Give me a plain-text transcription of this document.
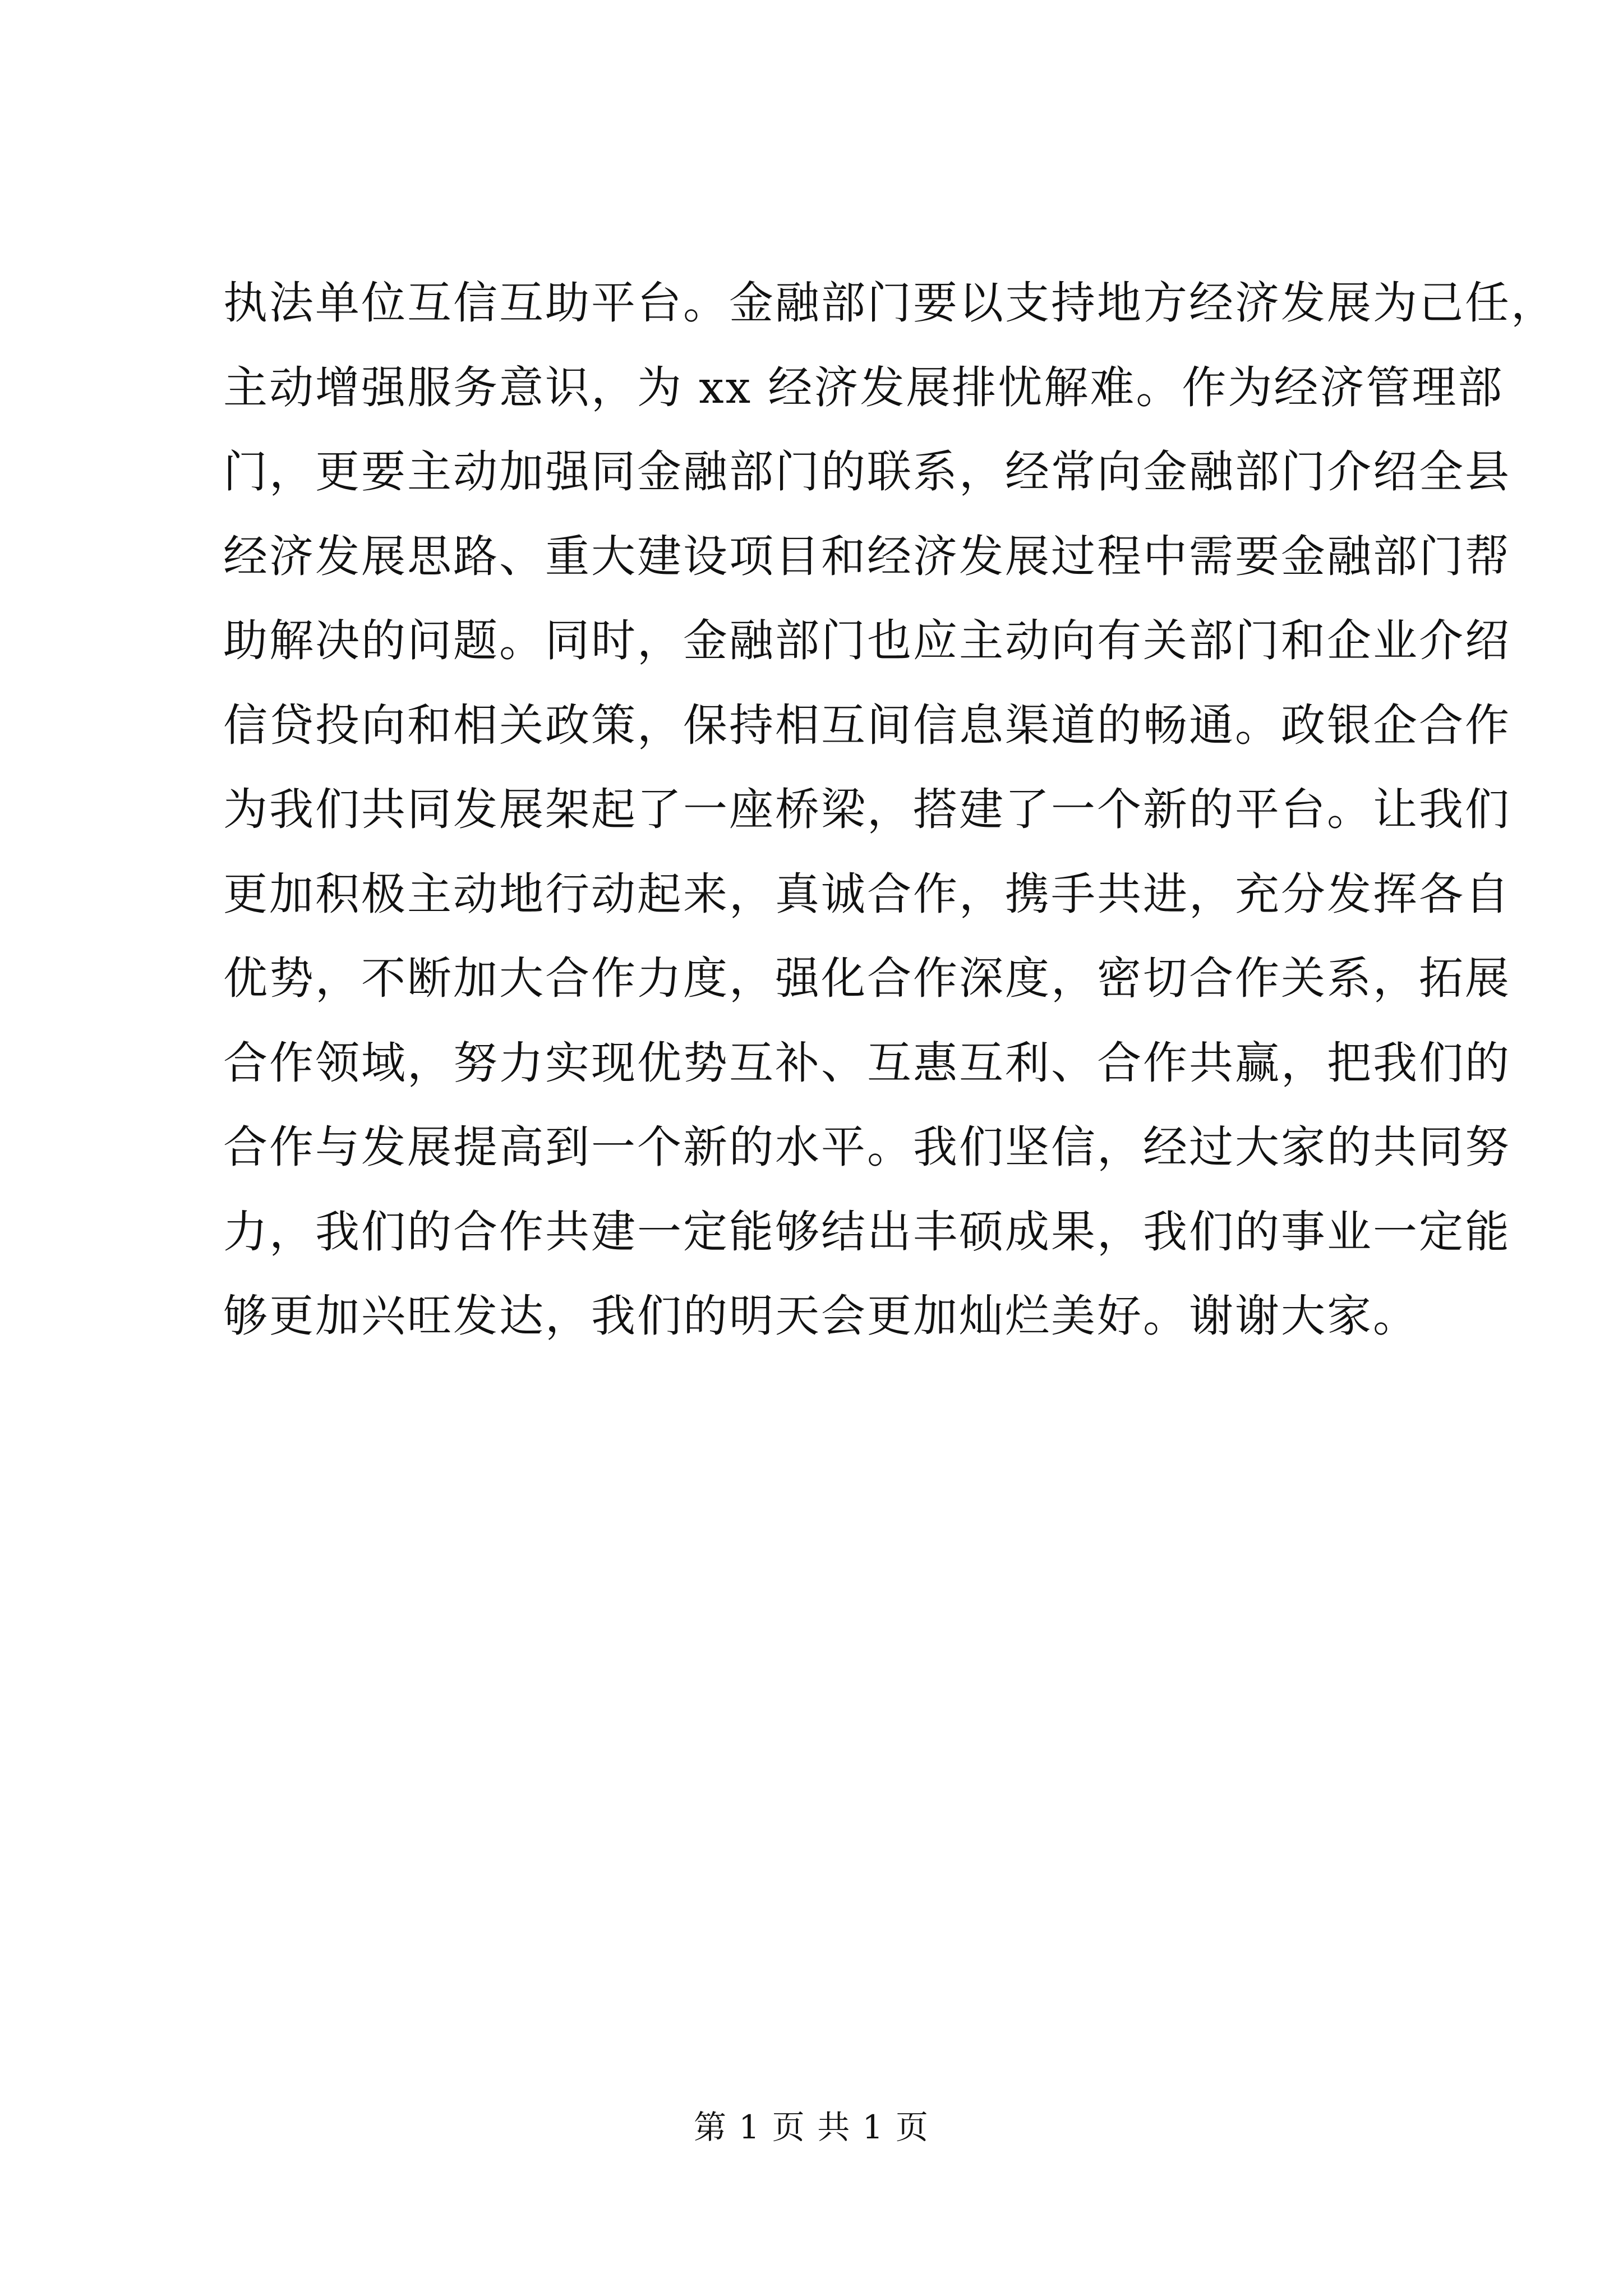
执法单位互信互助平台。金融部门要以支持地方经济发展为己任，
主动增强服务意识，为 xx 经济发展排忧解难。作为经济管理部
门，更要主动加强同金融部门的联系，经常向金融部门介绍全县
经济发展思路、重大建设项目和经济发展过程中需要金融部门帮
助解决的问题。同时，金融部门也应主动向有关部门和企业介绍
信贷投向和相关政策，保持相互间信息渠道的畅通。政银企合作
为我们共同发展架起了一座桥梁，搭建了一个新的平台。让我们
更加积极主动地行动起来，真诚合作，携手共进，充分发挥各自
优势，不断加大合作力度，强化合作深度，密切合作关系，拓展
合作领域，努力实现优势互补、互惠互利、合作共赢，把我们的
合作与发展提高到一个新的水平。我们坚信，经过大家的共同努
力，我们的合作共建一定能够结出丰硕成果，我们的事业一定能
够更加兴旺发达，我们的明天会更加灿烂美好。谢谢大家。
第 1 页 共 1 页
